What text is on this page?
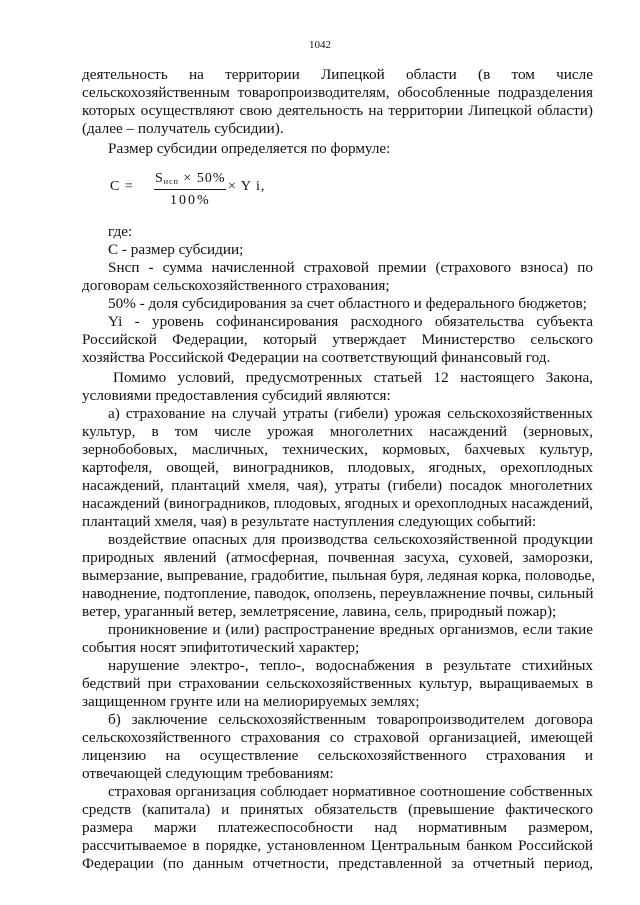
1042
деятельность на территории Липецкой области (в том числе
сельскохозяйственным товаропроизводителям, обособленные подразделения
которых осуществляют свою деятельность на территории Липецкой области)
(далее – получатель субсидии).
Размер субсидии определяется по формуле:
C =
$S_{нсп} \times 50\%$
100%
× Y i,
где:
С - размер субсидии;
Sнсп - сумма начисленной страховой премии (страхового взноса) по
договорам сельскохозяйственного страхования;
50% - доля субсидирования за счет областного и федерального бюджетов;
Yi - уровень софинансирования расходного обязательства субъекта
Российской Федерации, который утверждает Министерство сельского
хозяйства Российской Федерации на соответствующий финансовый год.
Помимо условий, предусмотренных статьей 12 настоящего Закона,
условиями предоставления субсидий являются:
а) страхование на случай утраты (гибели) урожая сельскохозяйственных
культур, в том числе урожая многолетних насаждений (зерновых,
зернобобовых, масличных, технических, кормовых, бахчевых культур,
картофеля, овощей, виноградников, плодовых, ягодных, орехоплодных
насаждений, плантаций хмеля, чая), утраты (гибели) посадок многолетних
насаждений (виноградников, плодовых, ягодных и орехоплодных насаждений,
плантаций хмеля, чая) в результате наступления следующих событий:
воздействие опасных для производства сельскохозяйственной продукции
природных явлений (атмосферная, почвенная засуха, суховей, заморозки,
вымерзание, выпревание, градобитие, пыльная буря, ледяная корка, половодье,
наводнение, подтопление, паводок, оползень, переувлажнение почвы, сильный
ветер, ураганный ветер, землетрясение, лавина, сель, природный пожар);
проникновение и (или) распространение вредных организмов, если такие
события носят эпифитотический характер;
нарушение электро-, тепло-, водоснабжения в результате стихийных
бедствий при страховании сельскохозяйственных культур, выращиваемых в
защищенном грунте или на мелиорируемых землях;
б) заключение сельскохозяйственным товаропроизводителем договора
сельскохозяйственного страхования со страховой организацией, имеющей
лицензию на осуществление сельскохозяйственного страхования и
отвечающей следующим требованиям:
страховая организация соблюдает нормативное соотношение собственных
средств (капитала) и принятых обязательств (превышение фактического
размера маржи платежеспособности над нормативным размером,
рассчитываемое в порядке, установленном Центральным банком Российской
Федерации (по данным отчетности, представленной за отчетный период,
